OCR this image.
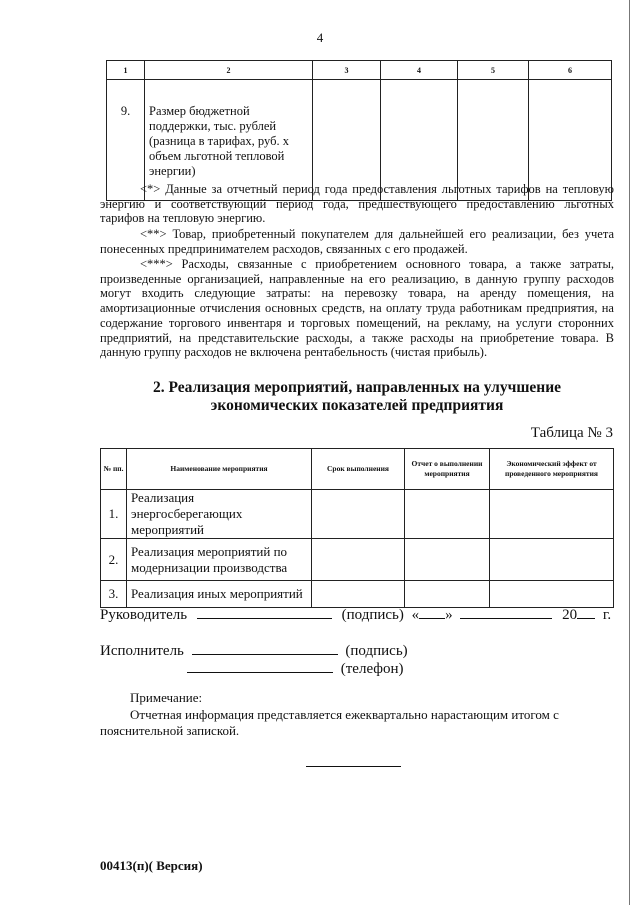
4
1	2	3	4	5	6
9.	Размер бюджетной поддержки, тыс. рублей (разница в тарифах, руб. х объем льготной тепловой энергии)				
<*> Данные за отчетный период года предоставления льготных тарифов на тепловую энергию и соответствующий период года, предшествующего предоставлению льготных тарифов на тепловую энергию.
<**> Товар, приобретенный покупателем для дальнейшей его реализации, без учета понесенных предпринимателем расходов, связанных с его продажей.
<***> Расходы, связанные с приобретением основного товара, а также затраты, произведенные организацией, направленные на его реализацию, в данную группу расходов могут входить следующие затраты: на перевозку товара, на аренду помещения, на амортизационные отчисления основных средств, на оплату труда работникам предприятия, на содержание торгового инвентаря и торговых помещений, на рекламу, на услуги сторонних предприятий, на представительские расходы, а также расходы на приобретение товара. В данную группу расходов не включена рентабельность (чистая прибыль).
2. Реализация мероприятий, направленных на улучшение
экономических показателей предприятия
Таблица № 3
№ пп.	Наименование мероприятия	Срок выполнения	Отчет о выполнении мероприятия	Экономический эффект от проведенного мероприятия
1.	Реализация энергосберегающих мероприятий			
2.	Реализация мероприятий по модернизации производства			
3.	Реализация иных мероприятий			
Руководитель	(подпись) « »	20 г.
Исполнитель	(подпись)
(телефон)
Примечание:
Отчетная информация представляется ежеквартально нарастающим итогом с пояснительной запиской.
00413(п)( Версия)
